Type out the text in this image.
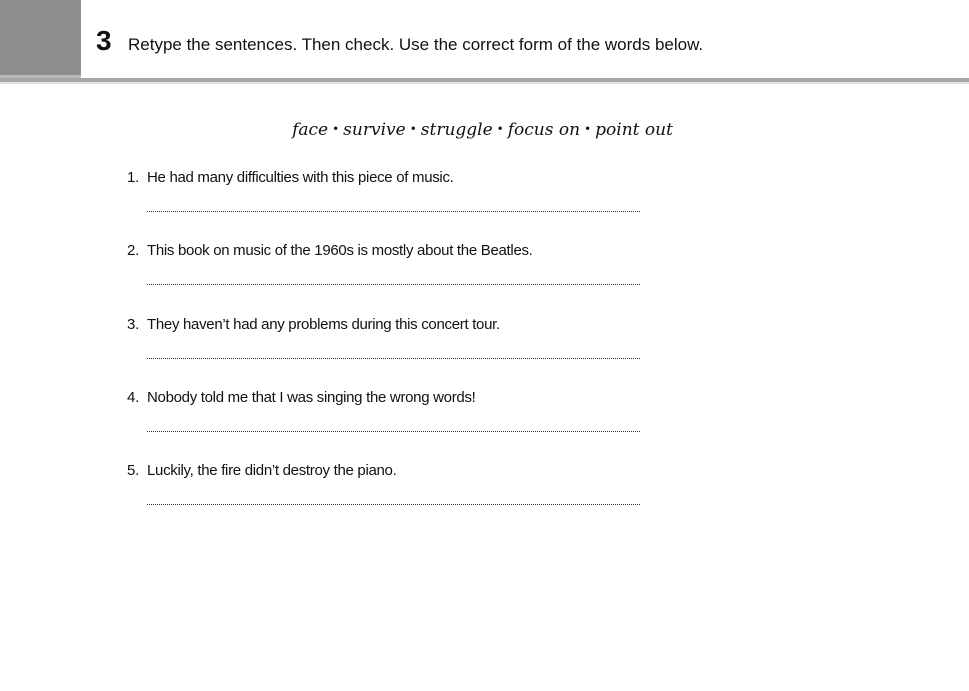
3 Retype the sentences. Then check. Use the correct form of the words below.
face • survive • struggle • focus on • point out
1. He had many difficulties with this piece of music.
2. This book on music of the 1960s is mostly about the Beatles.
3. They haven’t had any problems during this concert tour.
4. Nobody told me that I was singing the wrong words!
5. Luckily, the fire didn’t destroy the piano.
